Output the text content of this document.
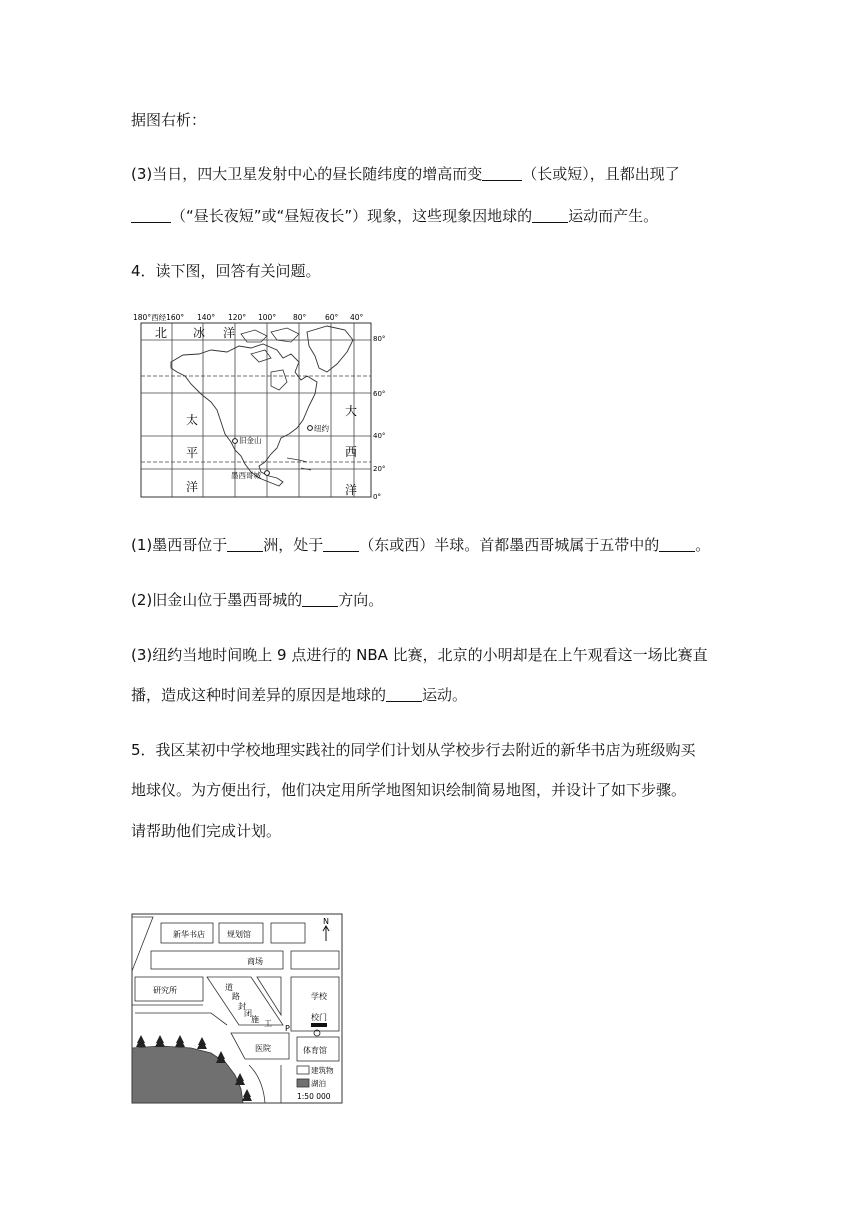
据图右析：
(3)当日，四大卫星发射中心的昼长随纬度的增高而变	（长或短），且都出现了
（“昼长夜短”或“昼短夜长”）现象，这些现象因地球的 运动而产生。
4．读下图，回答有关问题。
180°西经160° 140° 120° 100° 80° 60° 40°
80°
60°
40°
20°
0°
北 冰 洋
太
平
洋
大
西
洋
旧金山
纽约
墨西哥城
(1)墨西哥位于 洲，处于 （东或西）半球。首都墨西哥城属于五带中的 。
(2)旧金山位于墨西哥城的 方向。
(3)纽约当地时间晚上 9 点进行的 NBA 比赛，北京的小明却是在上午观看这一场比赛直
播，造成这种时间差异的原因是地球的 运动。
5．我区某初中学校地理实践社的同学们计划从学校步行去附近的新华书店为班级购买
地球仪。为方便出行，他们决定用所学地图知识绘制简易地图，并设计了如下步骤。
请帮助他们完成计划。
新华书店	规划馆
商场
研究所	道
路
封
闭
施 工
P
学校
校门
医院	体育馆
N
建筑物
湖泊
1:50 000
